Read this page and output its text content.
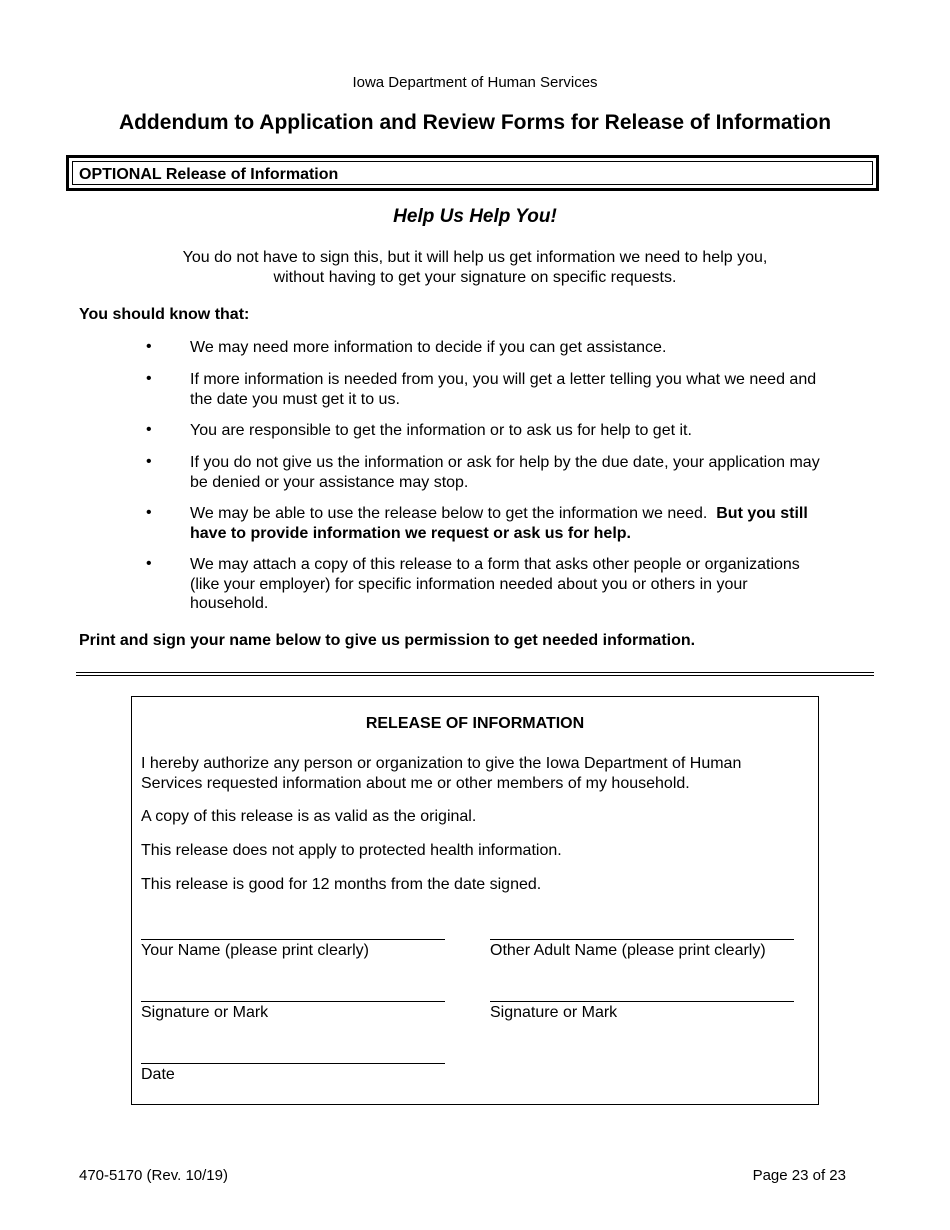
Iowa Department of Human Services
Addendum to Application and Review Forms for Release of Information
OPTIONAL Release of Information
Help Us Help You!
You do not have to sign this, but it will help us get information we need to help you,
without having to get your signature on specific requests.
You should know that:
• We may need more information to decide if you can get assistance.
• If more information is needed from you, you will get a letter telling you what we need and
the date you must get it to us.
• You are responsible to get the information or to ask us for help to get it.
• If you do not give us the information or ask for help by the due date, your application may
be denied or your assistance may stop.
• We may be able to use the release below to get the information we need. But you still
have to provide information we request or ask us for help.
• We may attach a copy of this release to a form that asks other people or organizations
(like your employer) for specific information needed about you or others in your
household.
Print and sign your name below to give us permission to get needed information.
RELEASE OF INFORMATION
I hereby authorize any person or organization to give the Iowa Department of Human
Services requested information about me or other members of my household.
A copy of this release is as valid as the original.
This release does not apply to protected health information.
This release is good for 12 months from the date signed.
Your Name (please print clearly)	Other Adult Name (please print clearly)
Signature or Mark	Signature or Mark
Date
470-5170 (Rev. 10/19)	Page 23 of 23
